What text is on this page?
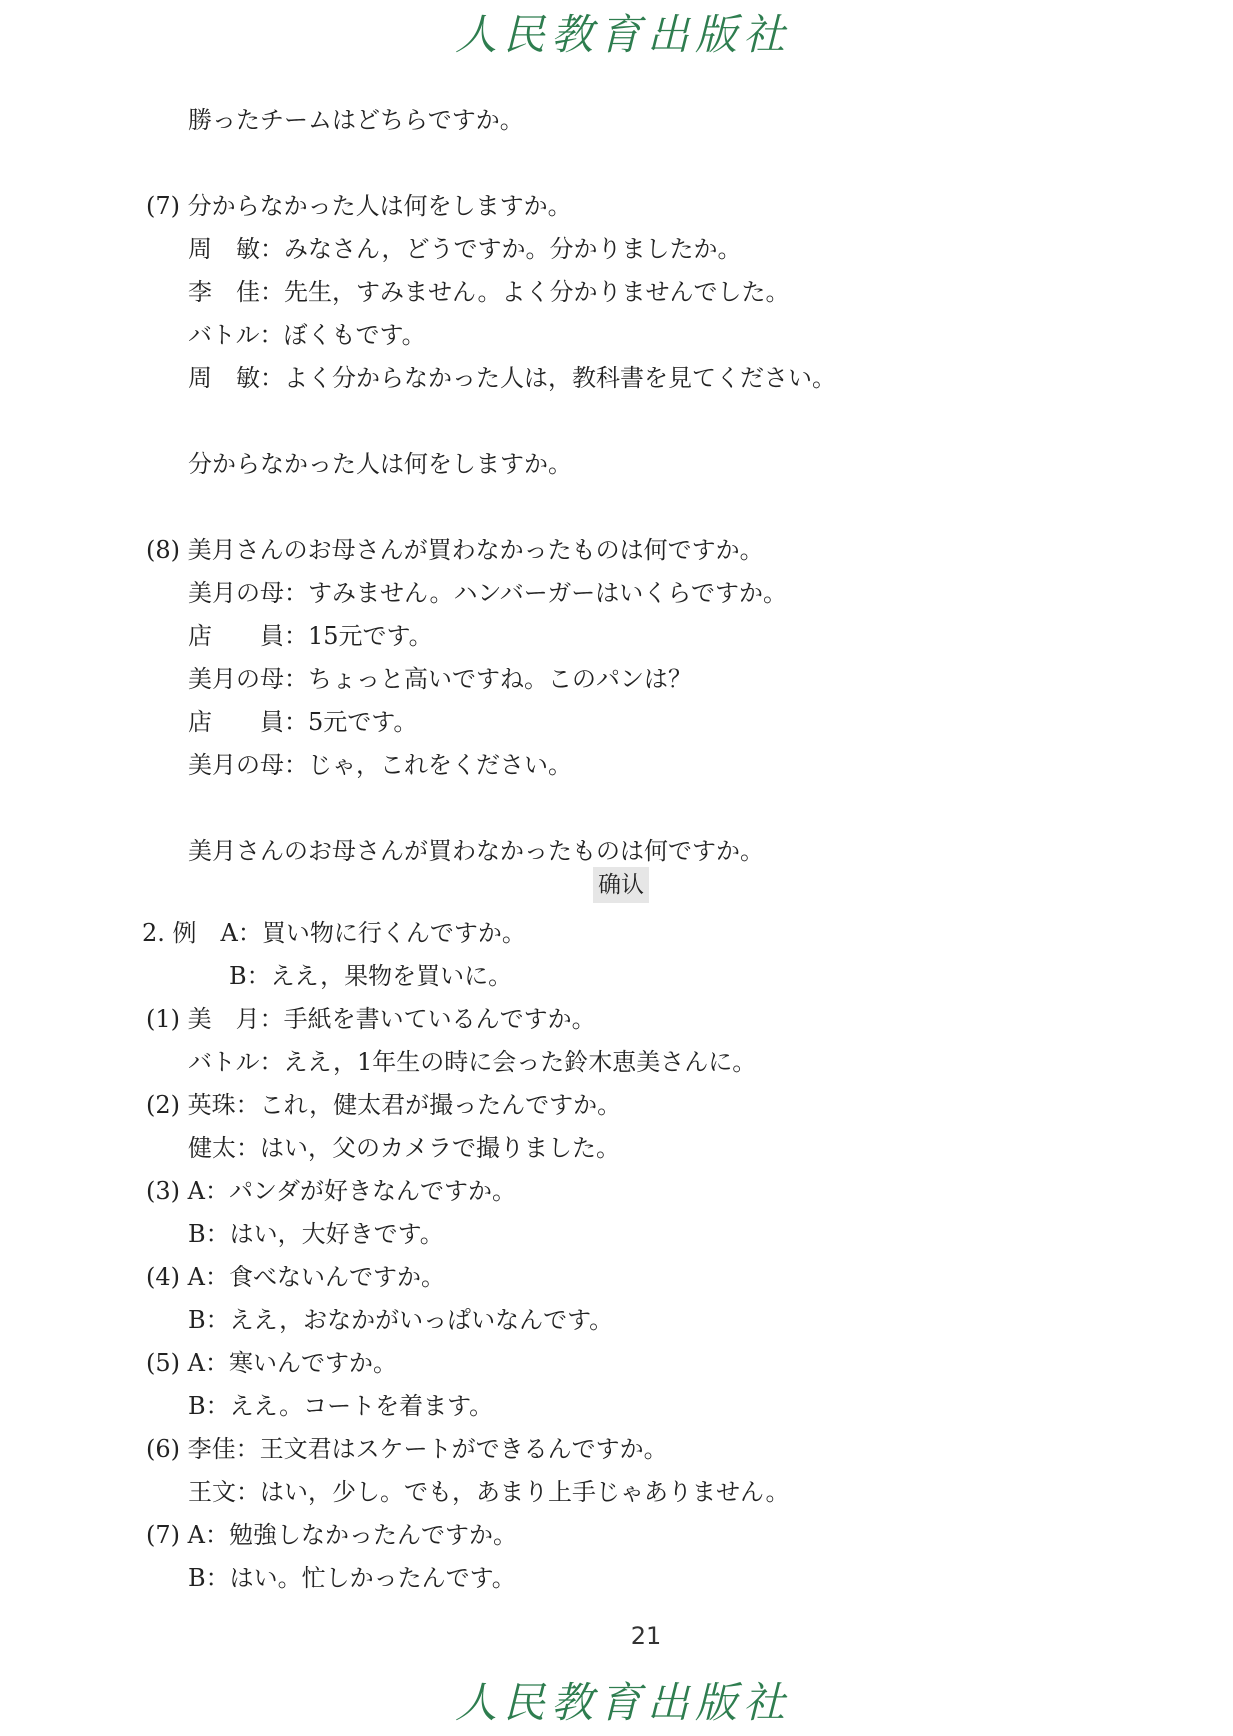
人民教育出版社
勝ったチームはどちらですか。
(7) 分からなかった人は何をしますか。
周　敏：みなさん，どうですか。分かりましたか。
李　佳：先生，すみません。よく分かりませんでした。
バトル：ぼくもです。
周　敏：よく分からなかった人は，教科書を見てください。
分からなかった人は何をしますか。
(8) 美月さんのお母さんが買わなかったものは何ですか。
美月の母：すみません。ハンバーガーはいくらですか。
店　　員：15元です。
美月の母：ちょっと高いですね。このパンは？
店　　員：5元です。
美月の母：じゃ，これをください。
美月さんのお母さんが買わなかったものは何ですか。
确认
2. 例　A：買い物に行くんですか。
B：ええ，果物を買いに。
(1) 美　月：手紙を書いているんですか。
バトル：ええ，1年生の時に会った鈴木恵美さんに。
(2) 英珠：これ，健太君が撮ったんですか。
健太：はい，父のカメラで撮りました。
(3) A：パンダが好きなんですか。
B：はい，大好きです。
(4) A：食べないんですか。
B：ええ，おなかがいっぱいなんです。
(5) A：寒いんですか。
B：ええ。コートを着ます。
(6) 李佳：王文君はスケートができるんですか。
王文：はい，少し。でも，あまり上手じゃありません。
(7) A：勉強しなかったんですか。
B：はい。忙しかったんです。
21
人民教育出版社
